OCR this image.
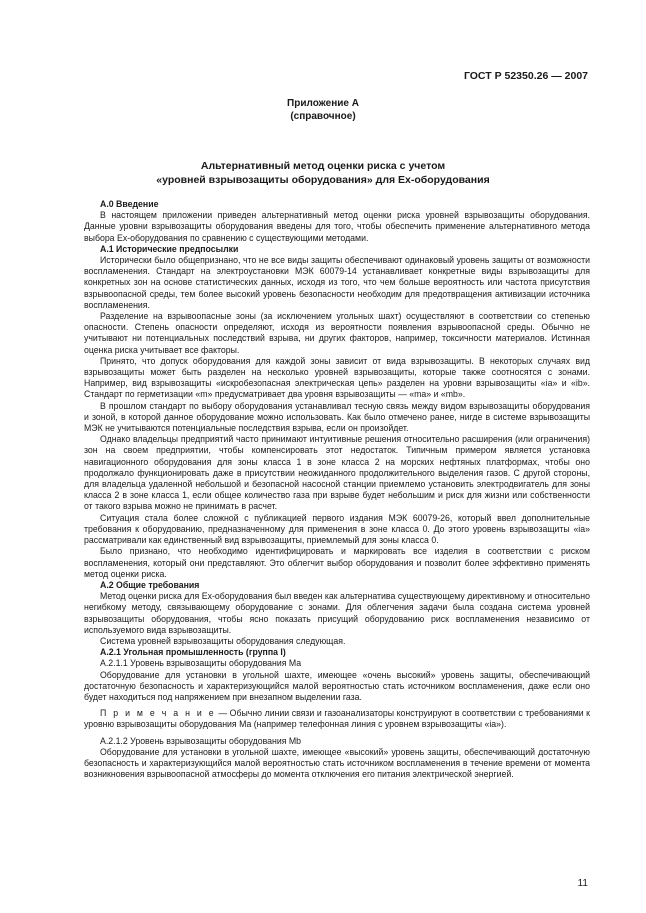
ГОСТ Р 52350.26 — 2007
Приложение А
(справочное)
Альтернативный метод оценки риска с учетом
«уровней взрывозащиты оборудования» для Ех-оборудования

А.0 Введение

В настоящем приложении приведен альтернативный метод оценки риска уровней взрывозащиты оборудования. Данные уровни взрывозащиты оборудования введены для того, чтобы обеспечить применение альтернативного метода выбора Ех-оборудования по сравнению с существующими методами.

А.1 Исторические предпосылки

Исторически было общепризнано, что не все виды защиты обеспечивают одинаковый уровень защиты от возможности воспламенения. Стандарт на электроустановки МЭК 60079-14 устанавливает конкретные виды взрывозащиты для конкретных зон на основе статистических данных, исходя из того, что чем больше вероятность или частота присутствия взрывоопасной среды, тем более высокий уровень безопасности необходим для предотвращения активизации источника воспламенения.

Разделение на взрывоопасные зоны (за исключением угольных шахт) осуществляют в соответствии со степенью опасности. Степень опасности определяют, исходя из вероятности появления взрывоопасной среды. Обычно не учитывают ни потенциальных последствий взрыва, ни других факторов, например, токсичности материалов. Истинная оценка риска учитывает все факторы.

Принято, что допуск оборудования для каждой зоны зависит от вида взрывозащиты. В некоторых случаях вид взрывозащиты может быть разделен на несколько уровней взрывозащиты, которые также соотносятся с зонами. Например, вид взрывозащиты «искробезопасная электрическая цепь» разделен на уровни взрывозащиты «ia» и «ib». Стандарт по герметизации «m» предусматривает два уровня взрывозащиты — «ma» и «mb».

В прошлом стандарт по выбору оборудования устанавливал тесную связь между видом взрывозащиты оборудования и зоной, в которой данное оборудование можно использовать. Как было отмечено ранее, нигде в системе взрывозащиты МЭК не учитываются потенциальные последствия взрыва, если он произойдет.

Однако владельцы предприятий часто принимают интуитивные решения относительно расширения (или ограничения) зон на своем предприятии, чтобы компенсировать этот недостаток. Типичным примером является установка навигационного оборудования для зоны класса 1 в зоне класса 2 на морских нефтяных платформах, чтобы оно продолжало функционировать даже в присутствии неожиданного продолжительного выделения газов. С другой стороны, для владельца удаленной небольшой и безопасной насосной станции приемлемо установить электродвигатель для зоны класса 2 в зоне класса 1, если общее количество газа при взрыве будет небольшим и риск для жизни или собственности от такого взрыва можно не принимать в расчет.

Ситуация стала более сложной с публикацией первого издания МЭК 60079-26, который ввел дополнительные требования к оборудованию, предназначенному для применения в зоне класса 0. До этого уровень взрывозащиты «ia» рассматривали как единственный вид взрывозащиты, приемлемый для зоны класса 0.

Было признано, что необходимо идентифицировать и маркировать все изделия в соответствии с риском воспламенения, который они представляют. Это облегчит выбор оборудования и позволит более эффективно применять метод оценки риска.

А.2 Общие требования

Метод оценки риска для Ех-оборудования был введен как альтернатива существующему директивному и относительно негибкому методу, связывающему оборудование с зонами. Для облегчения задачи была создана система уровней взрывозащиты оборудования, чтобы ясно показать присущий оборудованию риск воспламенения независимо от используемого вида взрывозащиты.

Система уровней взрывозащиты оборудования следующая.

А.2.1 Угольная промышленность (группа I)

А.2.1.1 Уровень взрывозащиты оборудования Ма

Оборудование для установки в угольной шахте, имеющее «очень высокий» уровень защиты, обеспечивающий достаточную безопасность и характеризующийся малой вероятностью стать источником воспламенения, даже если оно будет находиться под напряжением при внезапном выделении газа.

П р и м е ч а н и е — Обычно линии связи и газоанализаторы конструируют в соответствии с требованиями к уровню взрывозащиты оборудования Ма (например телефонная линия с уровнем взрывозащиты «ia»).

А.2.1.2 Уровень взрывозащиты оборудования Мb

Оборудование для установки в угольной шахте, имеющее «высокий» уровень защиты, обеспечивающий достаточную безопасность и характеризующийся малой вероятностью стать источником воспламенения в течение времени от момента возникновения взрывоопасной атмосферы до момента отключения его питания электрической энергией.

11
